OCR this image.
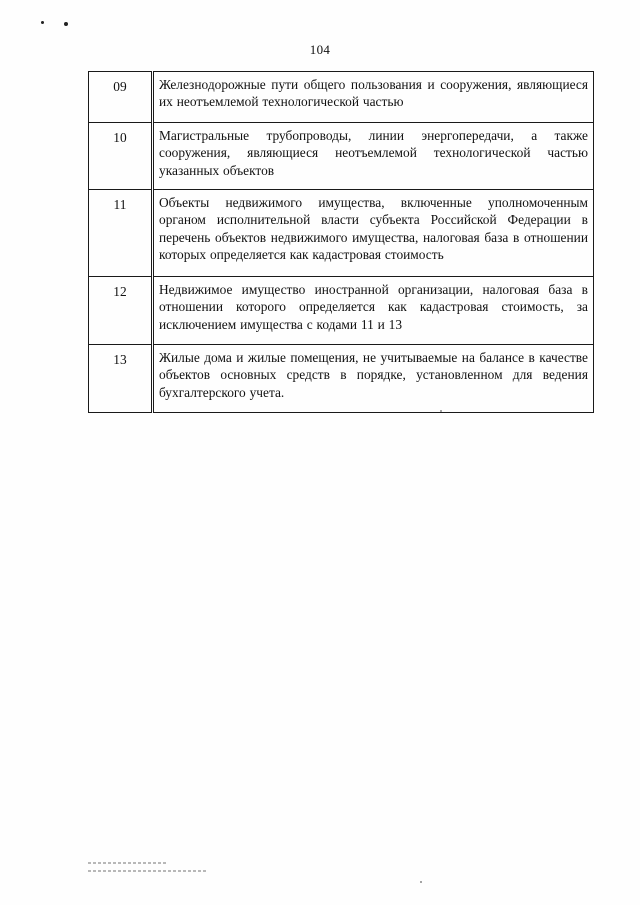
104
09	Железнодорожные пути общего пользования и сооружения, являющиеся их неотъемлемой технологической частью
10	Магистральные трубопроводы, линии энергопередачи, а также сооружения, являющиеся неотъемлемой технологической частью указанных объектов
11	Объекты недвижимого имущества, включенные уполномоченным органом исполнительной власти субъекта Российской Федерации в перечень объектов недвижимого имущества, налоговая база в отношении которых определяется как кадастровая стоимость
12	Недвижимое имущество иностранной организации, налоговая база в отношении которого определяется как кадастровая стоимость, за исключением имущества с кодами 11 и 13
13	Жилые дома и жилые помещения, не учитываемые на балансе в качестве объектов основных средств в порядке, установленном для ведения бухгалтерского учета.
